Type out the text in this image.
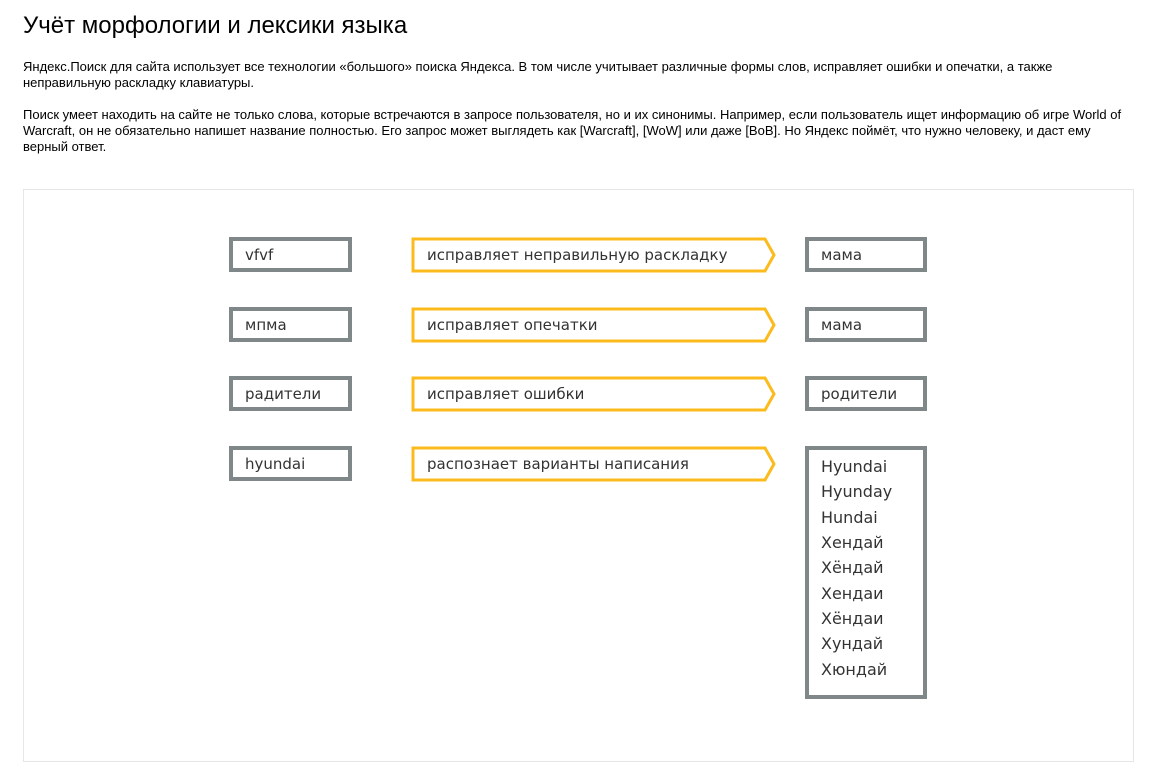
Учёт морфологии и лексики языка

Яндекс.Поиск для сайта использует все технологии «большого» поиска Яндекса. В том числе учитывает различные формы слов, исправляет ошибки и опечатки, а также неправильную раскладку клавиатуры.

Поиск умеет находить на сайте не только слова, которые встречаются в запросе пользователя, но и их синонимы. Например, если пользователь ищет информацию об игре World of Warcraft, он не обязательно напишет название полностью. Его запрос может выглядеть как [Warcraft], [WoW] или даже [ВоВ]. Но Яндекс поймёт, что нужно человеку, и даст ему верный ответ.

vfvf	исправляет неправильную раскладку	мама
мпма	исправляет опечатки	мама
радители	исправляет ошибки	родители
hyundai	распознает варианты написания	Hyundai
Hyunday
Hundai
Хендай
Хёндай
Хендаи
Хёндаи
Хундай
Хюндай
